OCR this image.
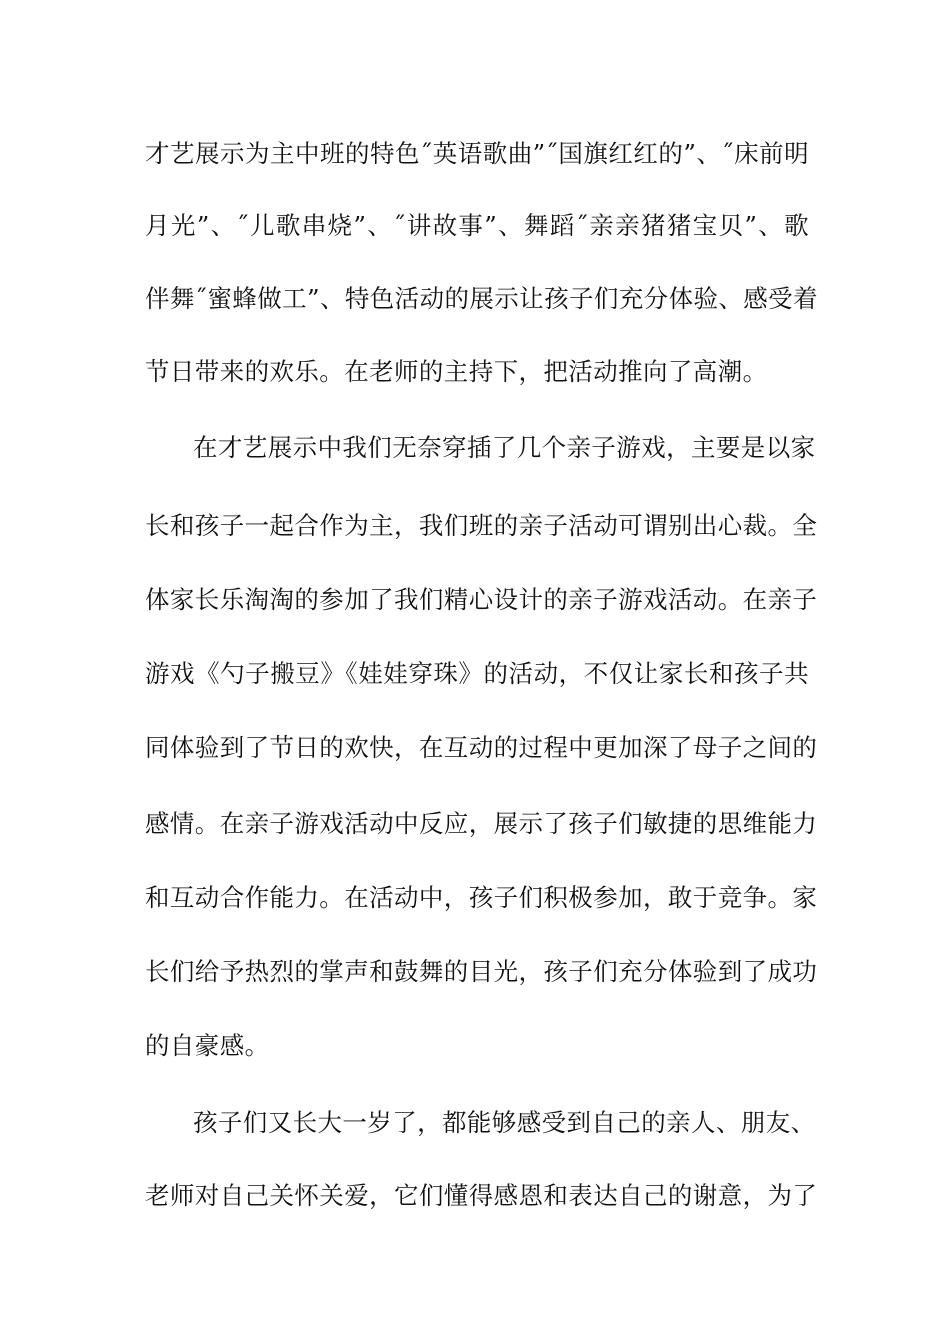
才艺展示为主中班的特色˝英语歌曲”˝国旗红红的”、˝床前明
月光”、˝儿歌串烧”、˝讲故事”、舞蹈˝亲亲猪猪宝贝”、歌
伴舞˝蜜蜂做工”、特色活动的展示让孩子们充分体验、感受着
节日带来的欢乐。在老师的主持下，把活动推向了高潮。
在才艺展示中我们无奈穿插了几个亲子游戏，主要是以家
长和孩子一起合作为主，我们班的亲子活动可谓别出心裁。全
体家长乐淘淘的参加了我们精心设计的亲子游戏活动。在亲子
游戏《勺子搬豆》《娃娃穿珠》的活动，不仅让家长和孩子共
同体验到了节日的欢快，在互动的过程中更加深了母子之间的
感情。在亲子游戏活动中反应，展示了孩子们敏捷的思维能力
和互动合作能力。在活动中，孩子们积极参加，敢于竞争。家
长们给予热烈的掌声和鼓舞的目光，孩子们充分体验到了成功
的自豪感。
孩子们又长大一岁了，都能够感受到自己的亲人、朋友、
老师对自己关怀关爱，它们懂得感恩和表达自己的谢意，为了
